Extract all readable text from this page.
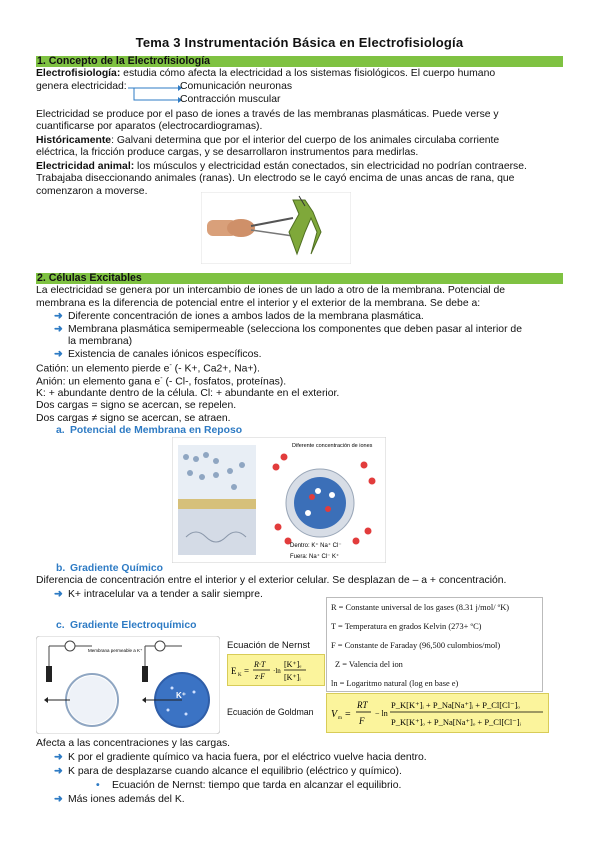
Tema 3 Instrumentación Básica en Electrofisiología
1. Concepto de la Electrofisiología
Electrofisiología: estudia cómo afecta la electricidad a los sistemas fisiológicos. El cuerpo humano
genera electricidad:	Comunicación neuronas
Contracción muscular
Electricidad se produce por el paso de iones a través de las membranas plasmáticas. Puede verse y
cuantificarse por aparatos (electrocardiogramas).
Históricamente: Galvani determina que por el interior del cuerpo de los animales circulaba corriente
eléctrica, la fricción produce cargas, y se desarrollaron instrumentos para medirlas.
Electricidad animal: los músculos y electricidad están conectados, sin electricidad no podrían contraerse.
Trabajaba diseccionando animales (ranas). Un electrodo se le cayó encima de unas ancas de rana, que
comenzaron a moverse.
2. Células Excitables
La electricidad se genera por un intercambio de iones de un lado a otro de la membrana. Potencial de
membrana es la diferencia de potencial entre el interior y el exterior de la membrana. Se debe a:
➜ Diferente concentración de iones a ambos lados de la membrana plasmática.
➜ Membrana plasmática semipermeable (selecciona los componentes que deben pasar al interior de
la membrana)
➜ Existencia de canales iónicos específicos.
Catión: un elemento pierde e- (- K+, Ca2+, Na+).
Anión: un elemento gana e- (- Cl-, fosfatos, proteínas).
K: + abundante dentro de la célula. Cl: + abundante en el exterior.
Dos cargas = signo se acercan, se repelen.
Dos cargas ≠ signo se acercan, se atraen.
a. Potencial de Membrana en Reposo
Diferente concentración de iones
Dentro: K⁺ Na⁺ Cl⁻
Fuera: Na⁺ Cl⁻ K⁺
b. Gradiente Químico
Diferencia de concentración entre el interior y el exterior celular. Se desplazan de – a + concentración.
➜ K+ intracelular va a tender a salir siempre.
R = Constante universal de los gases (8.31 j/mol/ ºK)
T = Temperatura en grados Kelvin (273+ ºC)
F = Constante de Faraday (96,500 culombios/mol)
Z = Valencia del ion
ln = Logaritmo natural (log en base e)
c. Gradiente Electroquímico
Membrana permeable a K⁺
K⁺
Ecuación de Nernst
E K =
R·T
z·F
·ln
[K⁺]ₑ
[K⁺]ᵢ
Ecuación de Goldman	V m =
RT
F
− ln
P_K[K⁺]ᵢ + P_Na[Na⁺]ᵢ + P_Cl[Cl⁻]ₒ
P_K[K⁺]ₒ + P_Na[Na⁺]ₒ + P_Cl[Cl⁻]ᵢ
Afecta a las concentraciones y las cargas.
➜ K por el gradiente químico va hacia fuera, por el eléctrico vuelve hacia dentro.
➜ K para de desplazarse cuando alcance el equilibrio (eléctrico y químico).
• Ecuación de Nernst: tiempo que tarda en alcanzar el equilibrio.
➜ Más iones además del K.
